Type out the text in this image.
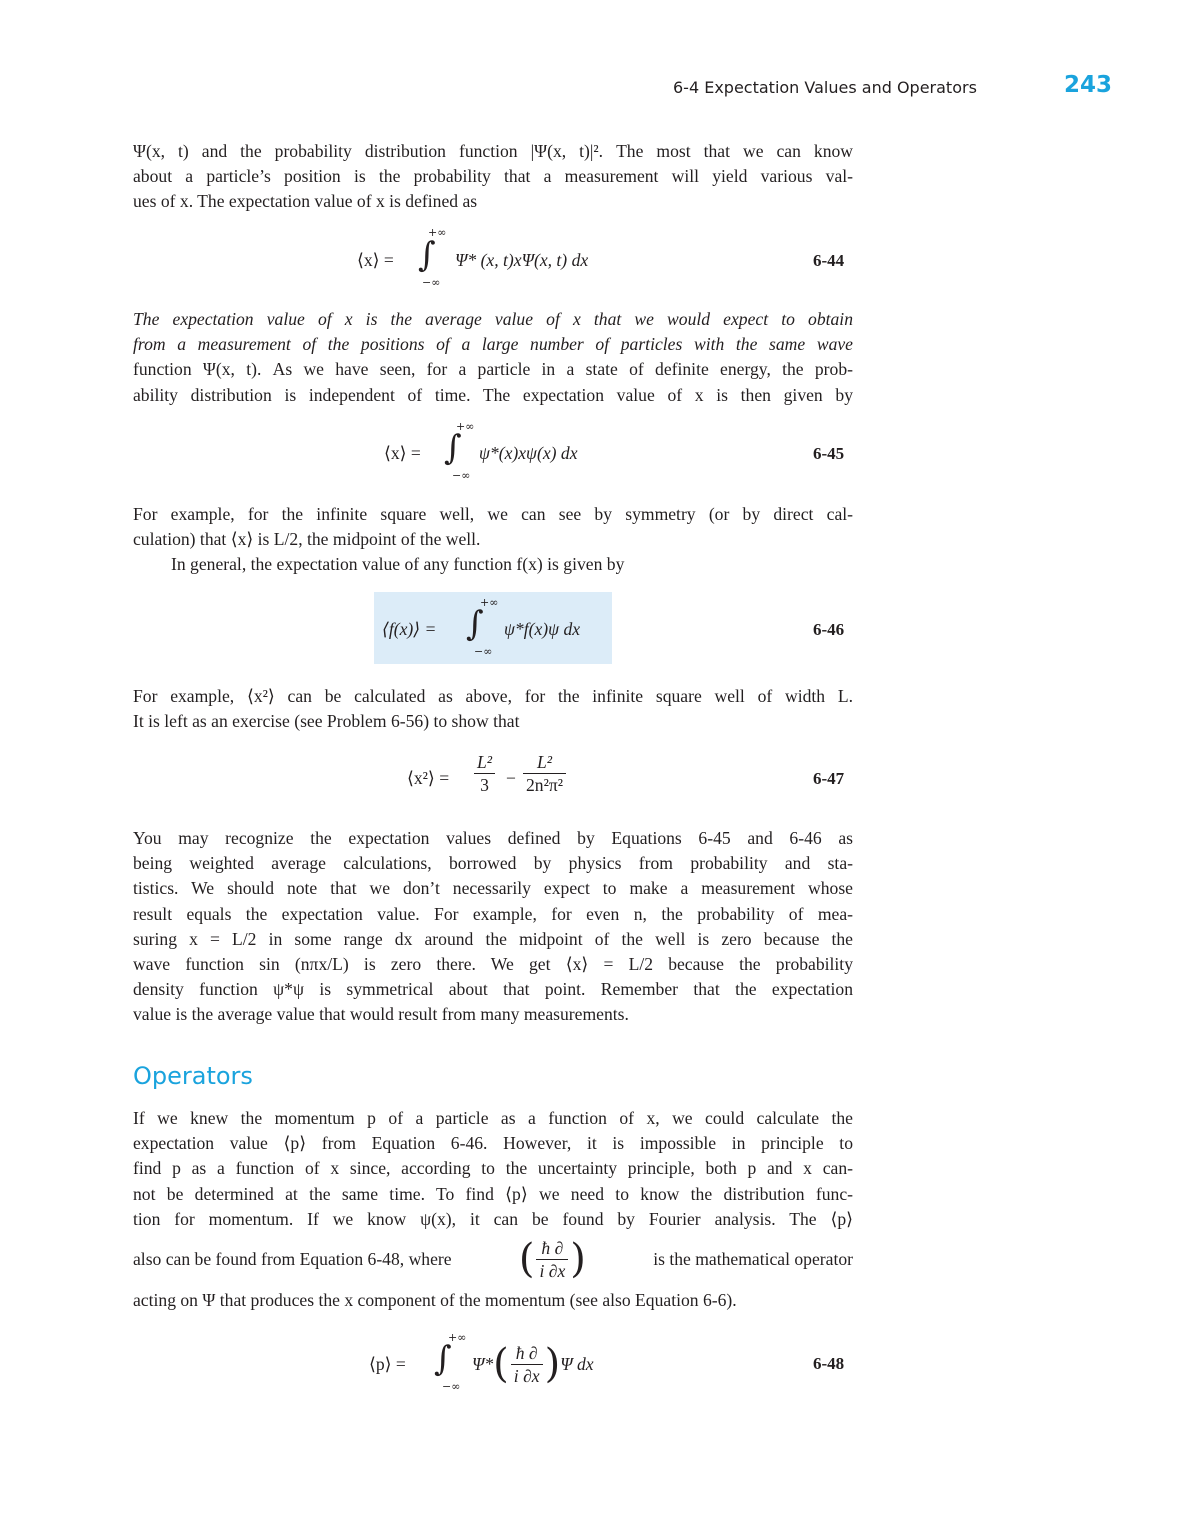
6-4 Expectation Values and Operators	243
Ψ(x, t) and the probability distribution function |Ψ(x, t)|². The most that we can know
about a particle’s position is the probability that a measurement will yield various val-
ues of x. The expectation value of x is defined as
⟨x⟩ = ∫
+∞
−∞
Ψ* (x, t)xΨ(x, t) dx	6-44
The expectation value of x is the average value of x that we would expect to obtain
from a measurement of the positions of a large number of particles with the same wave
function Ψ(x, t). As we have seen, for a particle in a state of definite energy, the prob-
ability distribution is independent of time. The expectation value of x is then given by
⟨x⟩ = ∫
+∞
−∞
ψ*(x)xψ(x) dx	6-45
For example, for the infinite square well, we can see by symmetry (or by direct cal-
culation) that ⟨x⟩ is L/2, the midpoint of the well.
In general, the expectation value of any function f(x) is given by
⟨f(x)⟩ = ∫
+∞
−∞
ψ*f(x)ψ dx	6-46
For example, ⟨x²⟩ can be calculated as above, for the infinite square well of width L.
It is left as an exercise (see Problem 6-56) to show that
⟨x²⟩ = $\frac{\text{L²}}{3} - \frac{\text{L²}}{\text{2n²π²}}$	6-47
You may recognize the expectation values defined by Equations 6-45 and 6-46 as
being weighted average calculations, borrowed by physics from probability and sta-
tistics. We should note that we don’t necessarily expect to make a measurement whose
result equals the expectation value. For example, for even n, the probability of mea-
suring x = L/2 in some range dx around the midpoint of the well is zero because the
wave function sin (nπx/L) is zero there. We get ⟨x⟩ = L/2 because the probability
density function ψ*ψ is symmetrical about that point. Remember that the expectation
value is the average value that would result from many measurements.
Operators
If we knew the momentum p of a particle as a function of x, we could calculate the
expectation value ⟨p⟩ from Equation 6-46. However, it is impossible in principle to
find p as a function of x since, according to the uncertainty principle, both p and x can-
not be determined at the same time. To find ⟨p⟩ we need to know the distribution func-
tion for momentum. If we know ψ(x), it can be found by Fourier analysis. The ⟨p⟩
also can be found from Equation 6-48, where ( $\frac{ħ \partial}{i \partial x}$ )	is the mathematical operator
acting on Ψ that produces the x component of the momentum (see also Equation 6-6).
⟨p⟩ = ∫
+∞
−∞
Ψ* ( $\frac{ħ \partial}{i \partial x}$ ) Ψ dx	6-48
